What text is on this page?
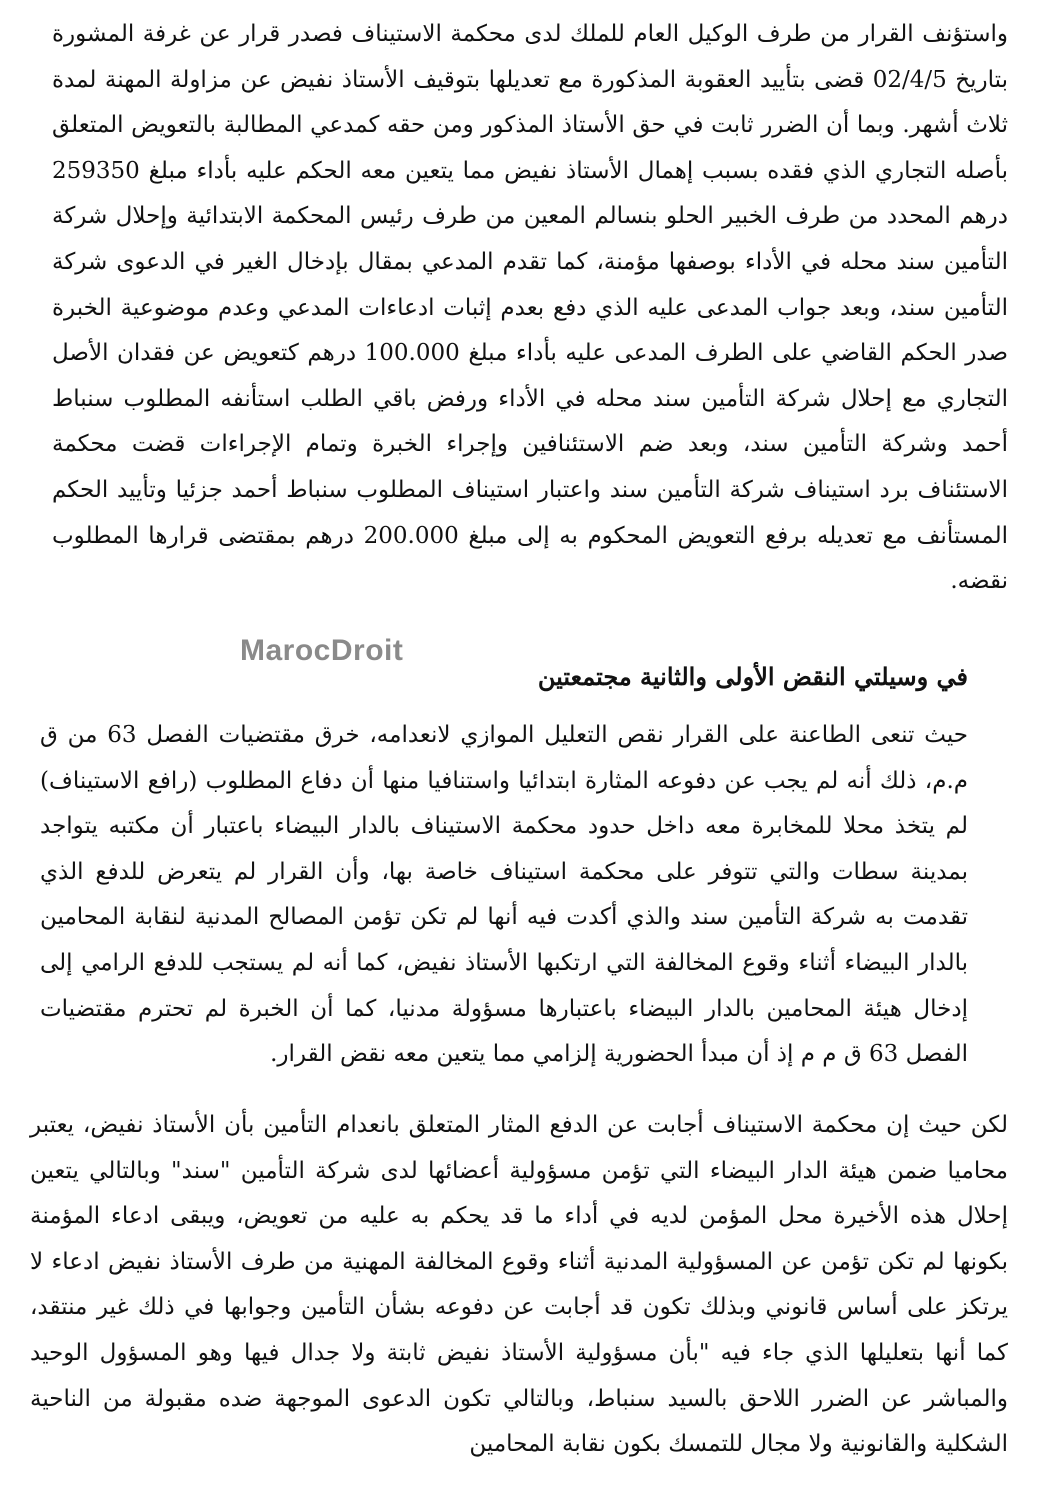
واستؤنف القرار من طرف الوكيل العام للملك لدى محكمة الاستيناف فصدر قرار عن غرفة المشورة بتاريخ 02/4/5 قضى بتأييد العقوبة المذكورة مع تعديلها بتوقيف الأستاذ نفيض عن مزاولة المهنة لمدة ثلاث أشهر. وبما أن الضرر ثابت في حق الأستاذ المذكور ومن حقه كمدعي المطالبة بالتعويض المتعلق بأصله التجاري الذي فقده بسبب إهمال الأستاذ نفيض مما يتعين معه الحكم عليه بأداء مبلغ 259350 درهم المحدد من طرف الخبير الحلو بنسالم المعين من طرف رئيس المحكمة الابتدائية وإحلال شركة التأمين سند محله في الأداء بوصفها مؤمنة، كما تقدم المدعي بمقال بإدخال الغير في الدعوى شركة التأمين سند، وبعد جواب المدعى عليه الذي دفع بعدم إثبات ادعاءات المدعي وعدم موضوعية الخبرة صدر الحكم القاضي على الطرف المدعى عليه بأداء مبلغ 100.000 درهم كتعويض عن فقدان الأصل التجاري مع إحلال شركة التأمين سند محله في الأداء ورفض باقي الطلب استأنفه المطلوب سنباط أحمد وشركة التأمين سند، وبعد ضم الاستئنافين وإجراء الخبرة وتمام الإجراءات قضت محكمة الاستئناف برد استيناف شركة التأمين سند واعتبار استيناف المطلوب سنباط أحمد جزئيا وتأييد الحكم المستأنف مع تعديله برفع التعويض المحكوم به إلى مبلغ 200.000 درهم بمقتضى قرارها المطلوب نقضه.

MarocDroit

في وسيلتي النقض الأولى والثانية مجتمعتين

حيث تنعى الطاعنة على القرار نقص التعليل الموازي لانعدامه، خرق مقتضيات الفصل 63 من ق م.م، ذلك أنه لم يجب عن دفوعه المثارة ابتدائيا واستنافيا منها أن دفاع المطلوب (رافع الاستيناف) لم يتخذ محلا للمخابرة معه داخل حدود محكمة الاستيناف بالدار البيضاء باعتبار أن مكتبه يتواجد بمدينة سطات والتي تتوفر على محكمة استيناف خاصة بها، وأن القرار لم يتعرض للدفع الذي تقدمت به شركة التأمين سند والذي أكدت فيه أنها لم تكن تؤمن المصالح المدنية لنقابة المحامين بالدار البيضاء أثناء وقوع المخالفة التي ارتكبها الأستاذ نفيض، كما أنه لم يستجب للدفع الرامي إلى إدخال هيئة المحامين بالدار البيضاء باعتبارها مسؤولة مدنيا، كما أن الخبرة لم تحترم مقتضيات الفصل 63 ق م م إذ أن مبدأ الحضورية إلزامي مما يتعين معه نقض القرار.

لكن حيث إن محكمة الاستيناف أجابت عن الدفع المثار المتعلق بانعدام التأمين بأن الأستاذ نفيض، يعتبر محاميا ضمن هيئة الدار البيضاء التي تؤمن مسؤولية أعضائها لدى شركة التأمين "سند" وبالتالي يتعين إحلال هذه الأخيرة محل المؤمن لديه في أداء ما قد يحكم به عليه من تعويض، ويبقى ادعاء المؤمنة بكونها لم تكن تؤمن عن المسؤولية المدنية أثناء وقوع المخالفة المهنية من طرف الأستاذ نفيض ادعاء لا يرتكز على أساس قانوني وبذلك تكون قد أجابت عن دفوعه بشأن التأمين وجوابها في ذلك غير منتقد، كما أنها بتعليلها الذي جاء فيه "بأن مسؤولية الأستاذ نفيض ثابتة ولا جدال فيها وهو المسؤول الوحيد والمباشر عن الضرر اللاحق بالسيد سنباط، وبالتالي تكون الدعوى الموجهة ضده مقبولة من الناحية الشكلية والقانونية ولا مجال للتمسك بكون نقابة المحامين
